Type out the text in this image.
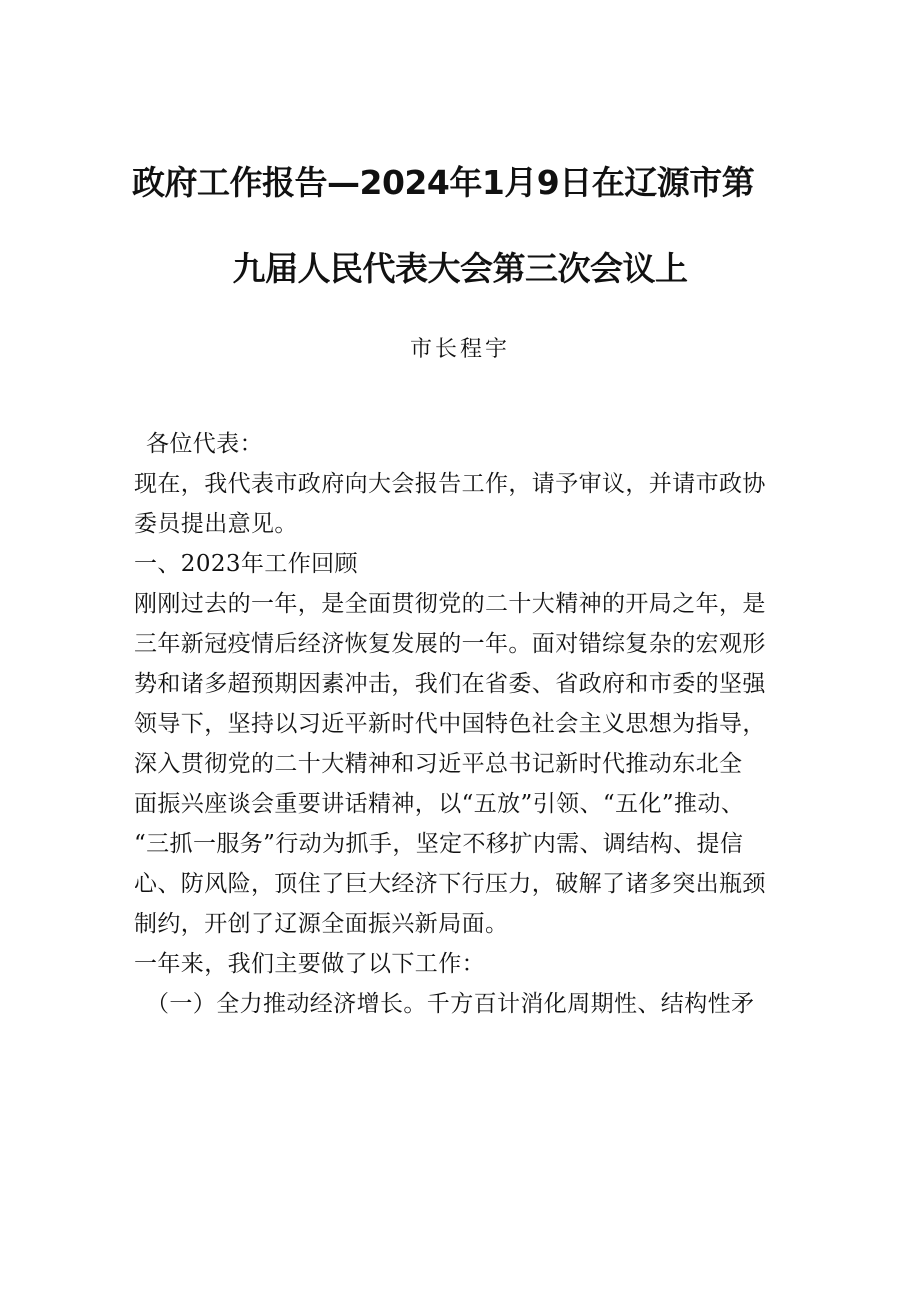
政府工作报告—2024年1月9日在辽源市第
九届人民代表大会第三次会议上
市长程宇
各位代表：
现在，我代表市政府向大会报告工作，请予审议，并请市政协
委员提出意见。
一、2023年工作回顾
刚刚过去的一年，是全面贯彻党的二十大精神的开局之年，是
三年新冠疫情后经济恢复发展的一年。面对错综复杂的宏观形
势和诸多超预期因素冲击，我们在省委、省政府和市委的坚强
领导下，坚持以习近平新时代中国特色社会主义思想为指导，
深入贯彻党的二十大精神和习近平总书记新时代推动东北全
面振兴座谈会重要讲话精神，以“五放”引领、“五化”推动、
“三抓一服务”行动为抓手，坚定不移扩内需、调结构、提信
心、防风险，顶住了巨大经济下行压力，破解了诸多突出瓶颈
制约，开创了辽源全面振兴新局面。
一年来，我们主要做了以下工作：
（一）全力推动经济增长。千方百计消化周期性、结构性矛
